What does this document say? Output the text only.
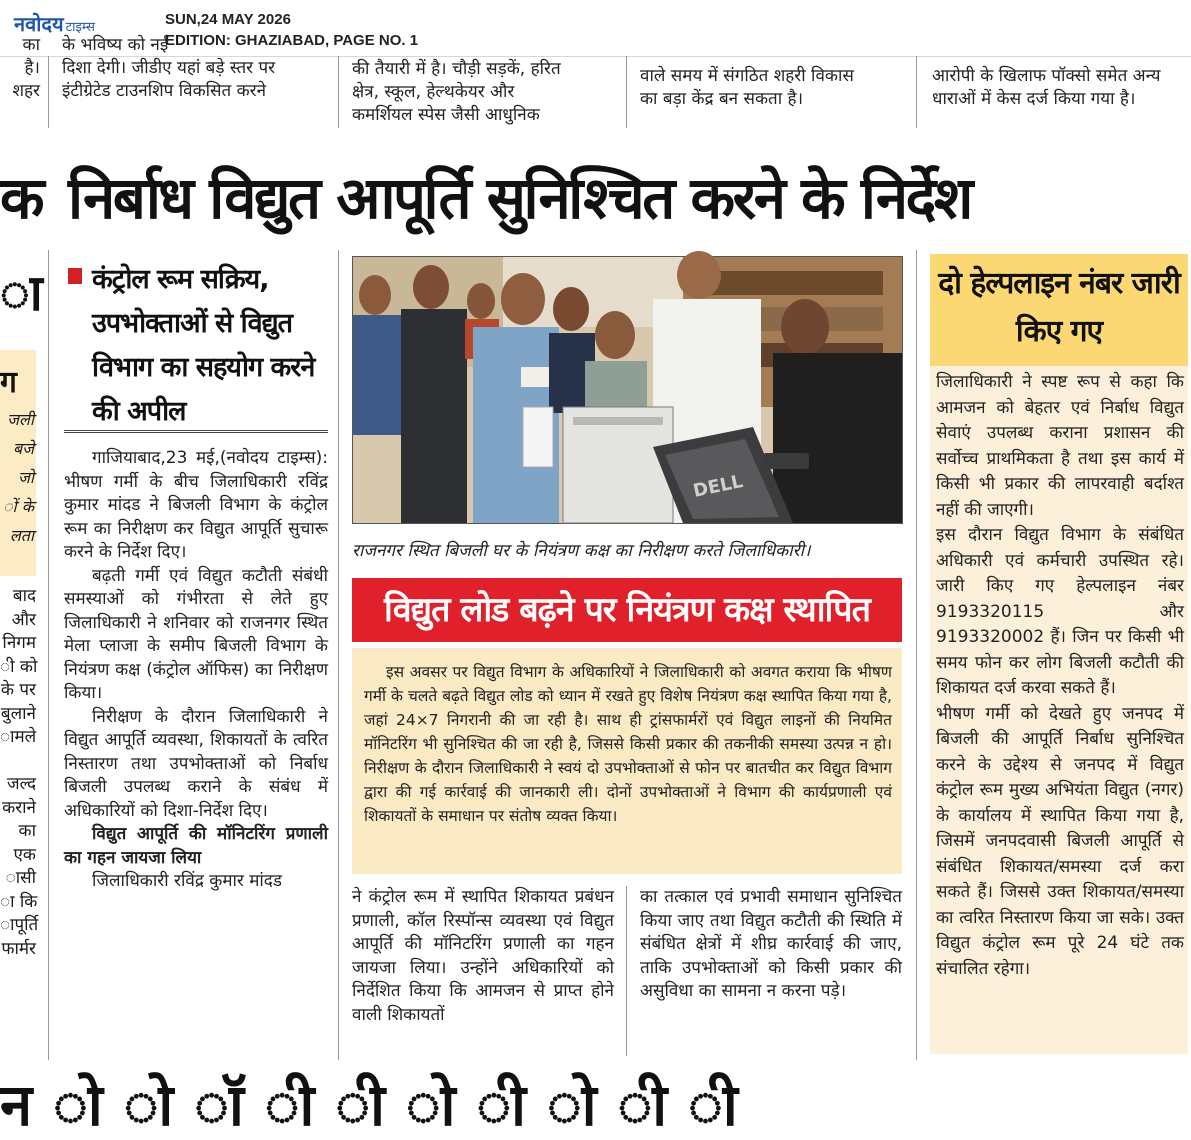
नवोदय टाइम्स	SUN,24 MAY 2026
EDITION: GHAZIABAD, PAGE NO. 1
का
है।
शहर
के भविष्य को नई
दिशा देगी। जीडीए यहां बड़े स्तर पर
इंटीग्रेटेड टाउनशिप विकसित करने
की तैयारी में है। चौड़ी सड़कें, हरित
क्षेत्र, स्कूल, हेल्थकेयर और
कमर्शियल स्पेस जैसी आधुनिक
वाले समय में संगठित शहरी विकास
का बड़ा केंद्र बन सकता है।
आरोपी के खिलाफ पॉक्सो समेत अन्य
धाराओं में केस दर्ज किया गया है।
क निर्बाध विद्युत आपूर्ति सुनिश्चित करने के निर्देश
ा
ग
जली
बजे
जो
ों के
लता
बाद
और
निगम
ी को
के पर
बुलाने
ामले
जल्द
कराने
का
एक
ासी
ा कि
ापूर्ति
फार्मर
कंट्रोल रूम सक्रिय, उपभोक्ताओं से विद्युत विभाग का सहयोग करने की अपील

गाजियाबाद,23 मई,(नवोदय टाइम्स): भीषण गर्मी के बीच जिलाधिकारी रविंद्र कुमार मांदड ने बिजली विभाग के कंट्रोल रूम का निरीक्षण कर विद्युत आपूर्ति सुचारू करने के निर्देश दिए।

बढ़ती गर्मी एवं विद्युत कटौती संबंधी समस्याओं को गंभीरता से लेते हुए जिलाधिकारी ने शनिवार को राजनगर स्थित मेला प्लाजा के समीप बिजली विभाग के नियंत्रण कक्ष (कंट्रोल ऑफिस) का निरीक्षण किया।

निरीक्षण के दौरान जिलाधिकारी ने विद्युत आपूर्ति व्यवस्था, शिकायतों के त्वरित निस्तारण तथा उपभोक्ताओं को निर्बाध बिजली उपलब्ध कराने के संबंध में अधिकारियों को दिशा-निर्देश दिए।

विद्युत आपूर्ति की मॉनिटरिंग प्रणाली का गहन जायजा लिया

जिलाधिकारी रविंद्र कुमार मांदड

DELL
राजनगर स्थित बिजली घर के नियंत्रण कक्ष का निरीक्षण करते जिलाधिकारी।
विद्युत लोड बढ़ने पर नियंत्रण कक्ष स्थापित

इस अवसर पर विद्युत विभाग के अधिकारियों ने जिलाधिकारी को अवगत कराया कि भीषण गर्मी के चलते बढ़ते विद्युत लोड को ध्यान में रखते हुए विशेष नियंत्रण कक्ष स्थापित किया गया है, जहां 24×7 निगरानी की जा रही है। साथ ही ट्रांसफार्मरों एवं विद्युत लाइनों की नियमित मॉनिटरिंग भी सुनिश्चित की जा रही है, जिससे किसी प्रकार की तकनीकी समस्या उत्पन्न न हो। निरीक्षण के दौरान जिलाधिकारी ने स्वयं दो उपभोक्ताओं से फोन पर बातचीत कर विद्युत विभाग द्वारा की गई कार्रवाई की जानकारी ली। दोनों उपभोक्ताओं ने विभाग की कार्यप्रणाली एवं शिकायतों के समाधान पर संतोष व्यक्त किया।

ने कंट्रोल रूम में स्थापित शिकायत प्रबंधन प्रणाली, कॉल रिस्पॉन्स व्यवस्था एवं विद्युत आपूर्ति की मॉनिटरिंग प्रणाली का गहन जायजा लिया। उन्होंने अधिकारियों को निर्देशित किया कि आमजन से प्राप्त होने वाली शिकायतों

का तत्काल एवं प्रभावी समाधान सुनिश्चित किया जाए तथा विद्युत कटौती की स्थिति में संबंधित क्षेत्रों में शीघ्र कार्रवाई की जाए, ताकि उपभोक्ताओं को किसी प्रकार की असुविधा का सामना न करना पड़े।

दो हेल्पलाइन नंबर जारी किए गए

जिलाधिकारी ने स्पष्ट रूप से कहा कि आमजन को बेहतर एवं निर्बाध विद्युत सेवाएं उपलब्ध कराना प्रशासन की सर्वोच्च प्राथमिकता है तथा इस कार्य में किसी भी प्रकार की लापरवाही बर्दाश्त नहीं की जाएगी।

इस दौरान विद्युत विभाग के संबंधित अधिकारी एवं कर्मचारी उपस्थित रहे। जारी किए गए हेल्पलाइन नंबर 9193320115 और 9193320002 हैं। जिन पर किसी भी समय फोन कर लोग बिजली कटौती की शिकायत दर्ज करवा सकते हैं।

भीषण गर्मी को देखते हुए जनपद में बिजली की आपूर्ति निर्बाध सुनिश्चित करने के उद्देश्य से जनपद में विद्युत कंट्रोल रूम मुख्य अभियंता विद्युत (नगर) के कार्यालय में स्थापित किया गया है, जिसमें जनपदवासी बिजली आपूर्ति से संबंधित शिकायत/समस्या दर्ज करा सकते हैं। जिससे उक्त शिकायत/समस्या का त्वरित निस्तारण किया जा सके। उक्त विद्युत कंट्रोल रूम पूरे 24 घंटे तक संचालित रहेगा।

न ो ो ॉ ी ी ो ी ो ी ी
